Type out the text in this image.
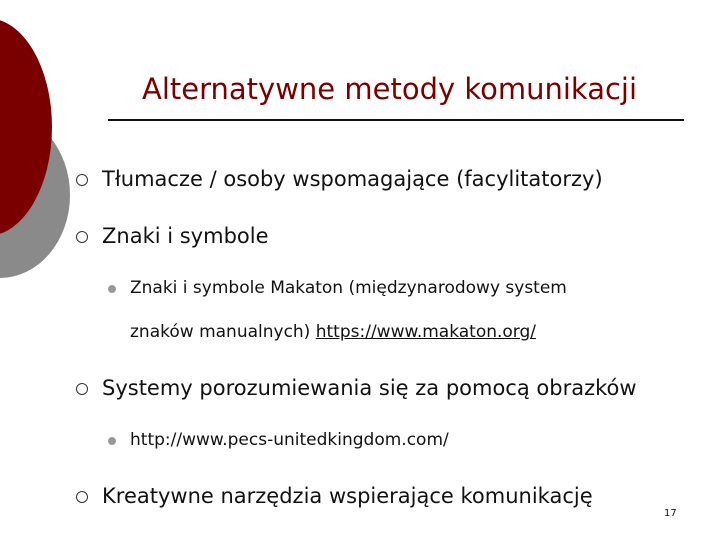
Alternatywne metody komunikacji
Tłumacze / osoby wspomagające (facylitatorzy)
Znaki i symbole
Znaki i symbole Makaton (międzynarodowy system
znaków manualnych) https://www.makaton.org/
Systemy porozumiewania się za pomocą obrazków
http://www.pecs-unitedkingdom.com/
Kreatywne narzędzia wspierające komunikację
17
